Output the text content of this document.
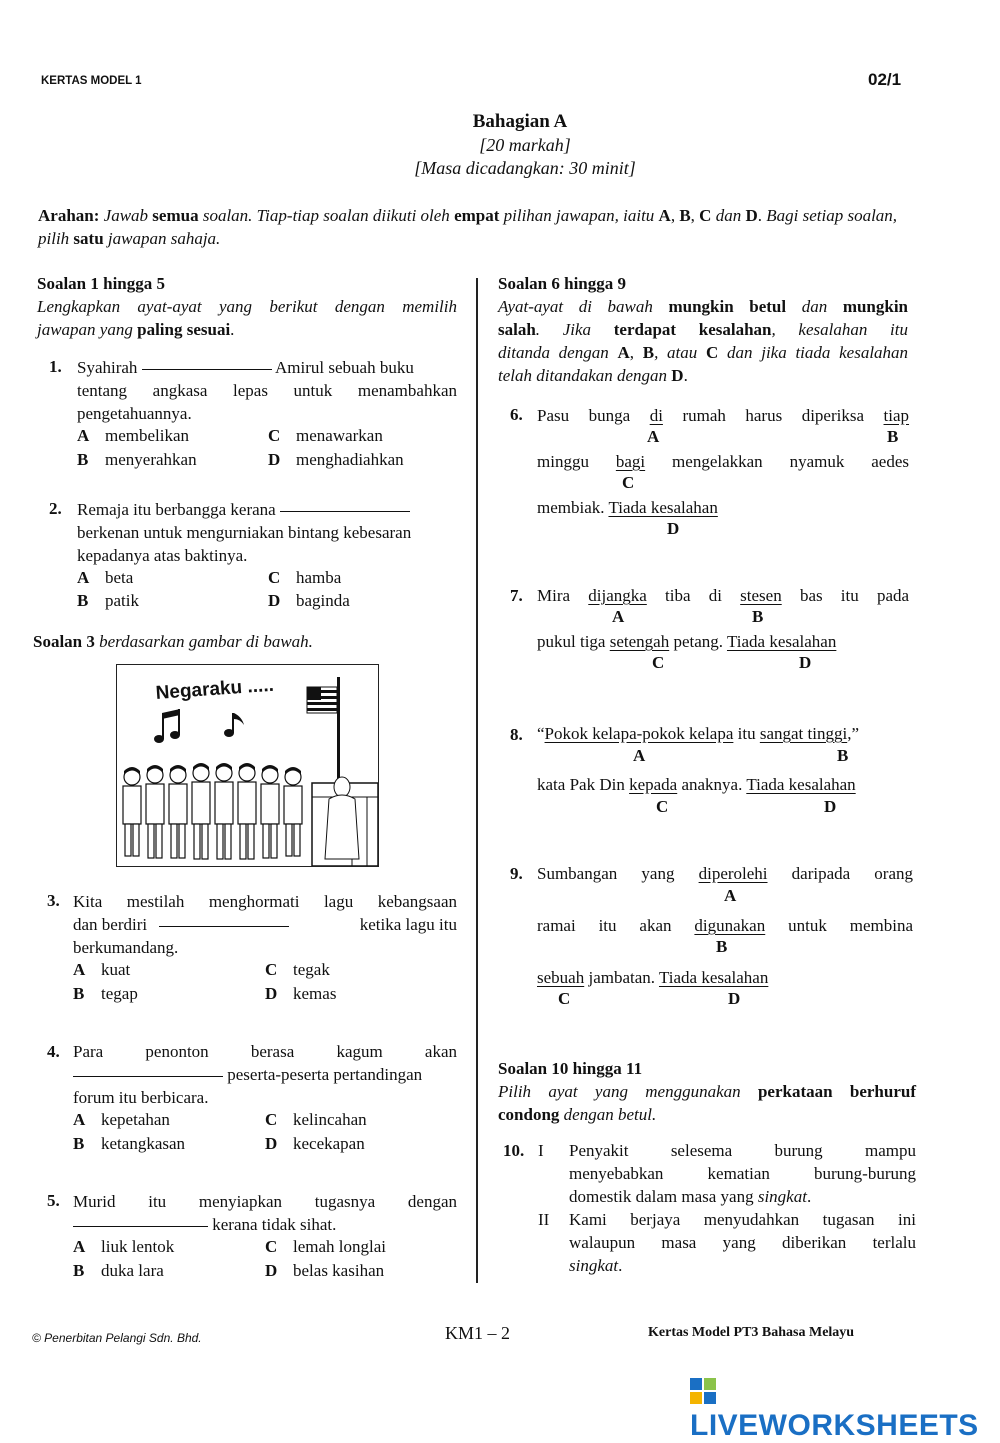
KERTAS MODEL 1	02/1
Bahagian A
[20 markah]
[Masa dicadangkan: 30 minit]
Arahan: Jawab semua soalan. Tiap-tiap soalan diikuti oleh empat pilihan jawapan, iaitu A, B, C dan D. Bagi setiap soalan, pilih satu jawapan sahaja.
Soalan 1 hingga 5
Lengkapkan ayat-ayat yang berikut dengan memilih
jawapan yang paling sesuai.
1. Syahirah	Amirul sebuah buku
tentang angkasa lepas untuk menambahkan
pengetahuannya.
A membelikan
B menyerahkan
C menawarkan
D menghadiahkan
2. Remaja itu berbangga kerana
berkenan untuk mengurniakan bintang kebesaran
kepadanya atas baktinya.
A beta
B patik
C hamba
D baginda
Soalan 3 berdasarkan gambar di bawah.
Negaraku .....
3. Kita mestilah menghormati lagu kebangsaan
dan berdiri	ketika lagu itu
berkumandang.
A kuat
B tegap
C tegak
D kemas
4. Para penonton berasa kagum akan
peserta-peserta pertandingan
forum itu berbicara.
A kepetahan
B ketangkasan
C kelincahan
D kecekapan
5. Murid itu menyiapkan tugasnya dengan
kerana tidak sihat.
A liuk lentok
B duka lara
C lemah longlai
D belas kasihan
Soalan 6 hingga 9
Ayat-ayat di bawah mungkin betul dan mungkin
salah. Jika terdapat kesalahan, kesalahan itu
ditanda dengan A, B, atau C dan jika tiada kesalahan
telah ditandakan dengan D.
6. Pasu bunga di rumah harus diperiksa tiap
A	B
minggu bagi mengelakkan nyamuk aedes
C
membiak. Tiada kesalahan
D
7. Mira dijangka tiba di stesen bas itu pada
A	B
pukul tiga setengah petang. Tiada kesalahan
C	D
8. “Pokok kelapa-pokok kelapa itu sangat tinggi,”
A	B
kata Pak Din kepada anaknya. Tiada kesalahan
C	D
9. Sumbangan yang diperolehi daripada orang
A
ramai itu akan digunakan untuk membina
B
sebuah jambatan. Tiada kesalahan
C	D
Soalan 10 hingga 11
Pilih ayat yang menggunakan perkataan berhuruf
condong dengan betul.
10. I Penyakit selesema burung mampu
menyebabkan kematian burung-burung
domestik dalam masa yang singkat.
II Kami berjaya menyudahkan tugasan ini
walaupun masa yang diberikan terlalu
singkat.
© Penerbitan Pelangi Sdn. Bhd.	KM1 – 2	Kertas Model PT3 Bahasa Melayu
LIVEWORKSHEETS
